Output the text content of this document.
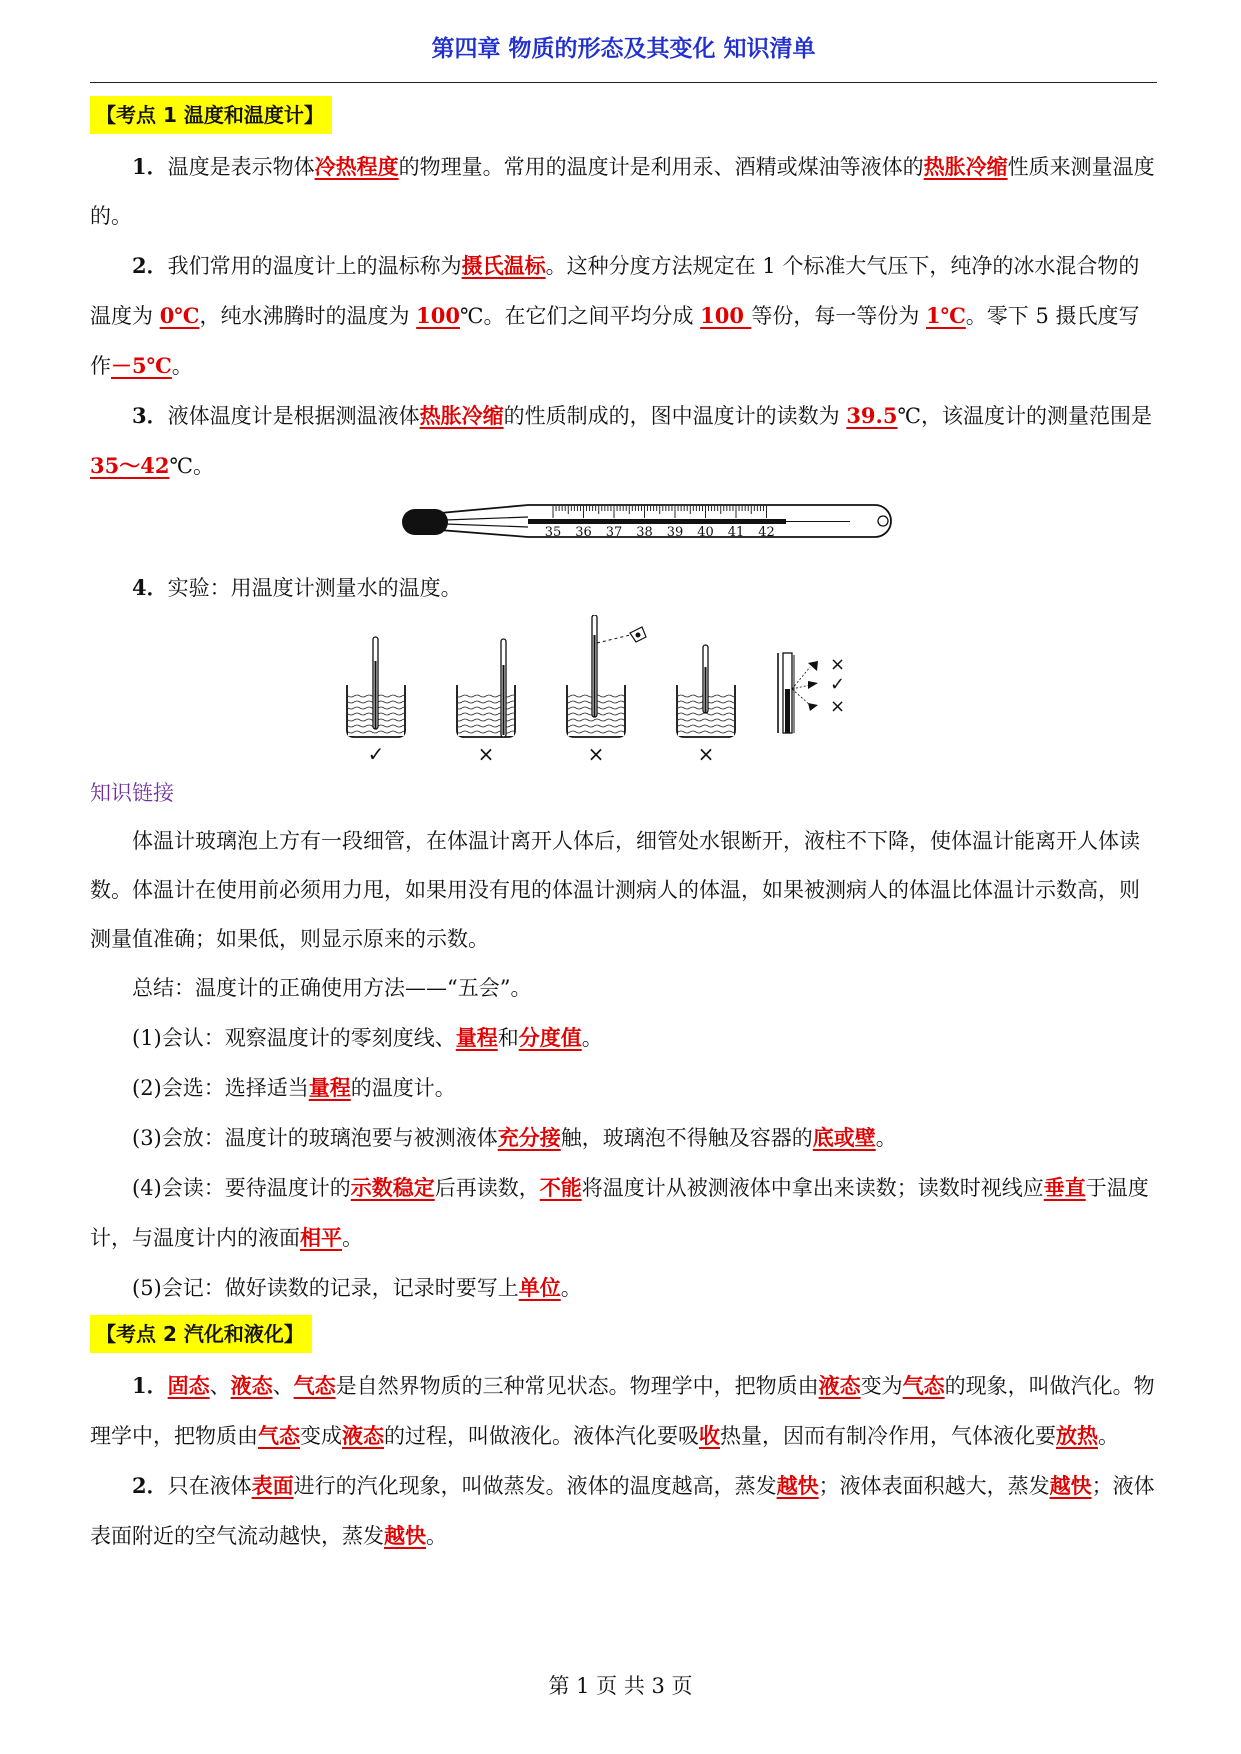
第四章 物质的形态及其变化 知识清单
【考点 1 温度和温度计】

1．温度是表示物体冷热程度的物理量。常用的温度计是利用汞、酒精或煤油等液体的热胀冷缩性质来测量温度的。

2．我们常用的温度计上的温标称为摄氏温标。这种分度方法规定在 1 个标准大气压下，纯净的冰水混合物的温度为 0℃，纯水沸腾时的温度为 100℃。在它们之间平均分成 100 等份，每一等份为 1℃。零下 5 摄氏度写作－5℃。

3．液体温度计是根据测温液体热胀冷缩的性质制成的，图中温度计的读数为 39.5℃，该温度计的测量范围是 35～42℃。

35 36 37 38 39 40 41 42

4．实验：用温度计测量水的温度。

×
✓
×
✓	×	×	×
知识链接

体温计玻璃泡上方有一段细管，在体温计离开人体后，细管处水银断开，液柱不下降，使体温计能离开人体读数。体温计在使用前必须用力甩，如果用没有甩的体温计测病人的体温，如果被测病人的体温比体温计示数高，则测量值准确；如果低，则显示原来的示数。

总结：温度计的正确使用方法——“五会”。

(1)会认：观察温度计的零刻度线、量程和分度值。

(2)会选：选择适当量程的温度计。

(3)会放：温度计的玻璃泡要与被测液体充分接触，玻璃泡不得触及容器的底或壁。

(4)会读：要待温度计的示数稳定后再读数，不能将温度计从被测液体中拿出来读数；读数时视线应垂直于温度计，与温度计内的液面相平。

(5)会记：做好读数的记录，记录时要写上单位。

【考点 2 汽化和液化】

1．固态、液态、气态是自然界物质的三种常见状态。物理学中，把物质由液态变为气态的现象，叫做汽化。物理学中，把物质由气态变成液态的过程，叫做液化。液体汽化要吸收热量，因而有制冷作用，气体液化要放热。

2．只在液体表面进行的汽化现象，叫做蒸发。液体的温度越高，蒸发越快；液体表面积越大，蒸发越快；液体表面附近的空气流动越快，蒸发越快。

第 1 页 共 3 页
